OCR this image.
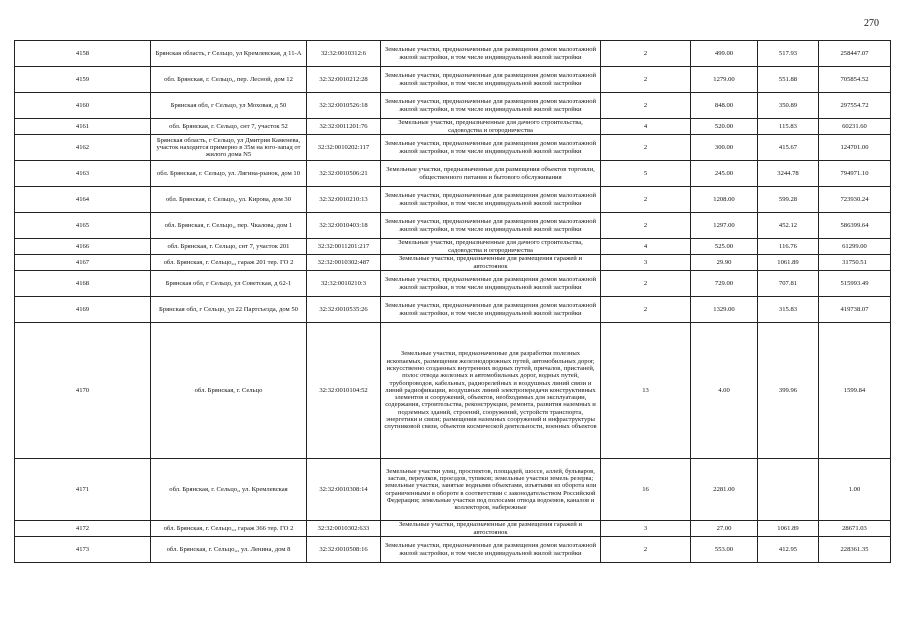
270
4158	Брянская область, г Сельцо, ул Кремлевская, д 11-А	32:32:0010312:6	Земельные участки, предназначенные для размещения домов малоэтажной жилой застройки, в том числе индивидуальной жилой застройки	2	499.00	517.93	258447.07
4159	обл. Брянская, г. Сельцо,, пер. Лесной, дом 12	32:32:0010212:28	Земельные участки, предназначенные для размещения домов малоэтажной жилой застройки, в том числе индивидуальной жилой застройки	2	1279.00	551.88	705854.52
4160	Брянская обл, г Сельцо, ул Моховая, д 50	32:32:0010526:18	Земельные участки, предназначенные для размещения домов малоэтажной жилой застройки, в том числе индивидуальной жилой застройки	2	848.00	350.89	297554.72
4161	обл. Брянская, г. Сельцо, снт 7, участок 52	32:32:0011201:76	Земельные участки, предназначенные для дачного строительства, садоводства и огородничества	4	520.00	115.83	60231.60
4162	Брянская область, г Сельцо, ул Дмитрия Каменева, участок находится примерно в 35м на юго-запад от жилого дома N5	32:32:0010202:117	Земельные участки, предназначенные для размещения домов малоэтажной жилой застройки, в том числе индивидуальной жилой застройки	2	300.00	415.67	124701.00
4163	обл. Брянская, г. Сельцо, ул. Лягина-рынок, дом 10	32:32:0010506:21	Земельные участки, предназначенные для размещения объектов торговли, общественного питания и бытового обслуживания	5	245.00	3244.78	794971.10
4164	обл. Брянская, г. Сельцо,, ул. Кирова, дом 30	32:32:0010210:13	Земельные участки, предназначенные для размещения домов малоэтажной жилой застройки, в том числе индивидуальной жилой застройки	2	1208.00	599.28	723930.24
4165	обл. Брянская, г. Сельцо,, пер. Чкалова, дом 1	32:32:0010403:18	Земельные участки, предназначенные для размещения домов малоэтажной жилой застройки, в том числе индивидуальной жилой застройки	2	1297.00	452.12	586399.64
4166	обл. Брянская, г. Сельцо, снт 7, участок 201	32:32:0011201:217	Земельные участки, предназначенные для дачного строительства, садоводства и огородничества	4	525.00	116.76	61299.00
4167	обл. Брянская, г. Сельцо,,, гараж 201 тер. ГО 2	32:32:0010302:487	Земельные участки, предназначенные для размещения гаражей и автостоянок	3	29.90	1061.89	31750.51
4168	Брянская обл, г Сельцо, ул Советская, д 62-1	32:32:0010210:3	Земельные участки, предназначенные для размещения домов малоэтажной жилой застройки, в том числе индивидуальной жилой застройки	2	729.00	707.81	515993.49
4169	Брянская обл, г Сельцо, ул 22 Партсъезда, дом 50	32:32:0010535:26	Земельные участки, предназначенные для размещения домов малоэтажной жилой застройки, в том числе индивидуальной жилой застройки	2	1329.00	315.83	419738.07
4170	обл. Брянская, г. Сельцо	32:32:0010104:52	Земельные участки, предназначенные для разработки полезных ископаемых, размещения железнодорожных путей, автомобильных дорог, искусственно созданных внутренних водных путей, причалов, пристаней, полос отвода железных и автомобильных дорог, водных путей, трубопроводов, кабельных, радиорелейных и воздушных линий связи и линий радиофикации, воздушных линий электропередачи конструктивных элементов и сооружений, объектов, необходимых для эксплуатации, содержания, строительства, реконструкции, ремонта, развития наземных и подземных зданий, строений, сооружений, устройств транспорта, энергетики и связи; размещения наземных сооружений и инфраструктуры спутниковой связи, объектов космической деятельности, военных объектов	13	4.00	399.96	1599.84
4171	обл. Брянская, г. Сельцо,, ул. Кремлевская	32:32:0010308:14	Земельные участки улиц, проспектов, площадей, шоссе, аллей, бульваров, застав, переулков, проездов, тупиков; земельные участки земель резерва; земельные участки, занятые водными объектами, изъятыми из оборота или ограниченными в обороте в соответствии с законодательством Российской Федерации; земельные участки под полосами отвода водоемов, каналов и коллекторов, набережные	16	2281.00		1.00
4172	обл. Брянская, г. Сельцо,,, гараж 366 тер. ГО 2	32:32:0010302:633	Земельные участки, предназначенные для размещения гаражей и автостоянок	3	27.00	1061.89	28671.03
4173	обл. Брянская, г. Сельцо,,, ул. Ленина, дом 8	32:32:0010508:16	Земельные участки, предназначенные для размещения домов малоэтажной жилой застройки, в том числе индивидуальной жилой застройки	2	553.00	412.95	228361.35
